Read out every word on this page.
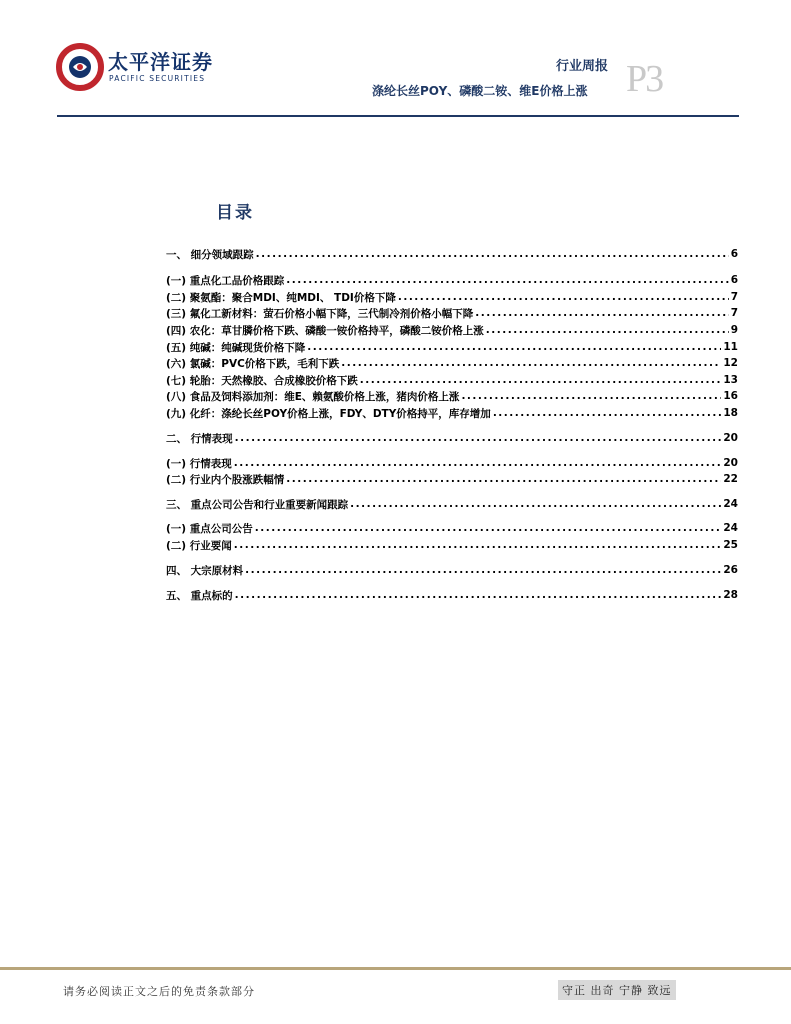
太平洋证券
PACIFIC SECURITIES
行业周报
涤纶长丝POY、磷酸二铵、维E价格上涨 P3
目录
一、 细分领域跟踪 .....	6
(一) 重点化工品价格跟踪 .....	6
(二) 聚氨酯：聚合MDI、纯MDI、 TDI价格下降 .....	7
(三) 氟化工新材料：萤石价格小幅下降，三代制冷剂价格小幅下降 .....	7
(四) 农化：草甘膦价格下跌、磷酸一铵价格持平，磷酸二铵价格上涨 .....	9
(五) 纯碱：纯碱现货价格下降 .....	11
(六) 氯碱：PVC价格下跌，毛利下跌 .....	12
(七) 轮胎：天然橡胶、合成橡胶价格下跌 .....	13
(八) 食品及饲料添加剂：维E、赖氨酸价格上涨，猪肉价格上涨 .....	16
(九) 化纤：涤纶长丝POY价格上涨，FDY、DTY价格持平，库存增加 .....	18
二、 行情表现 .....	20
(一) 行情表现 .....	20
(二) 行业内个股涨跌幅情 .....	22
三、 重点公司公告和行业重要新闻跟踪 .....	24
(一) 重点公司公告 .....	24
(二) 行业要闻 .....	25
四、 大宗原材料 .....	26
五、 重点标的 .....	28
请务必阅读正文之后的免责条款部分	守正 出奇 宁静 致远
